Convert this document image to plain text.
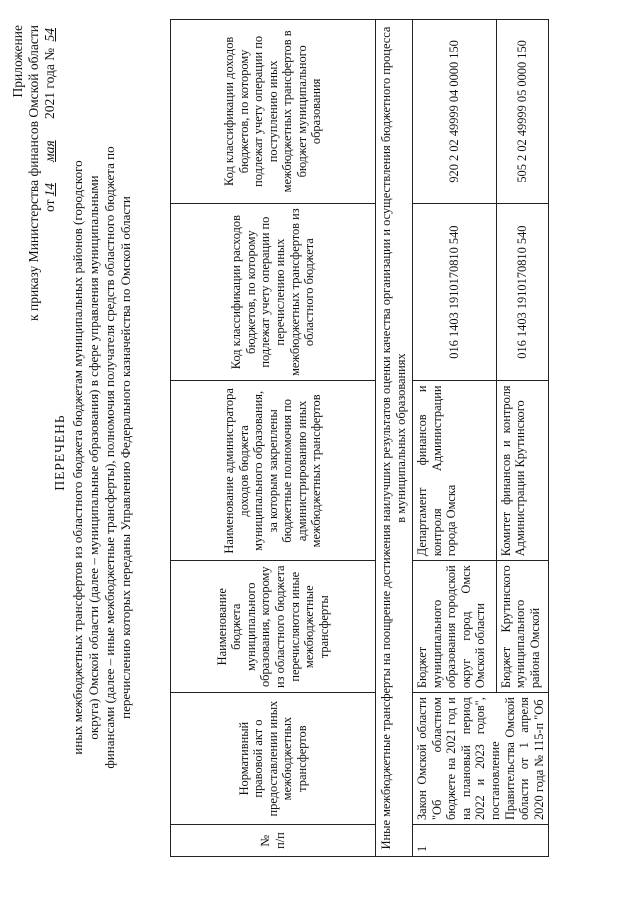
Приложение к приказу Министерства финансов Омской области от14мая 2021 года № 54
ПЕРЕЧЕНЬ иных межбюджетных трансфертов из областного бюджета бюджетам муниципальных районов (городского округа) Омской области (далее – муниципальные образования) в сфере управления муниципальными финансами (далее – иные межбюджетные трансферты), полномочия получателя средств областного бюджета по перечислению которых переданы Управлению Федерального казначейства по Омской области
№ п/п	Нормативный правовой акт о предоставлении иных межбюджетных трансфертов	Наименование бюджета муниципального образования, которому из областного бюджета перечисляются иные межбюджетные трансферты	Наименование администратора доходов бюджета муниципального образования, за которым закреплены бюджетные полномочия по администрированию иных межбюджетных трансфертов	Код классификации расходов бюджетов, по которому подлежат учету операции по перечислению иных межбюджетных трансфертов из областного бюджета	Код классификации доходов бюджетов, по которому подлежат учету операции по поступлению иных межбюджетных трансфертов в бюджет муниципального образования
Иные межбюджетные трансферты на поощрение достижения наилучших результатов оценки качества организации и осуществления бюджетного процесса в муниципальных образованиях					
1	Закон Омской области "Об областном бюджете на 2021 год и на плановый период 2022 и 2023 годов", постановление Правительства Омской области от 1 апреля 2020 года № 115-п "Об	Бюджет муниципального образования городской округ город Омск Омской области	Департамент финансов и контроля Администрации города Омска	016 1403 1910170810 540	920 2 02 49999 04 0000 150
		Бюджет Крутинского муниципального района Омской	Комитет финансов и контроля Администрации Крутинского	016 1403 1910170810 540	505 2 02 49999 05 0000 150
